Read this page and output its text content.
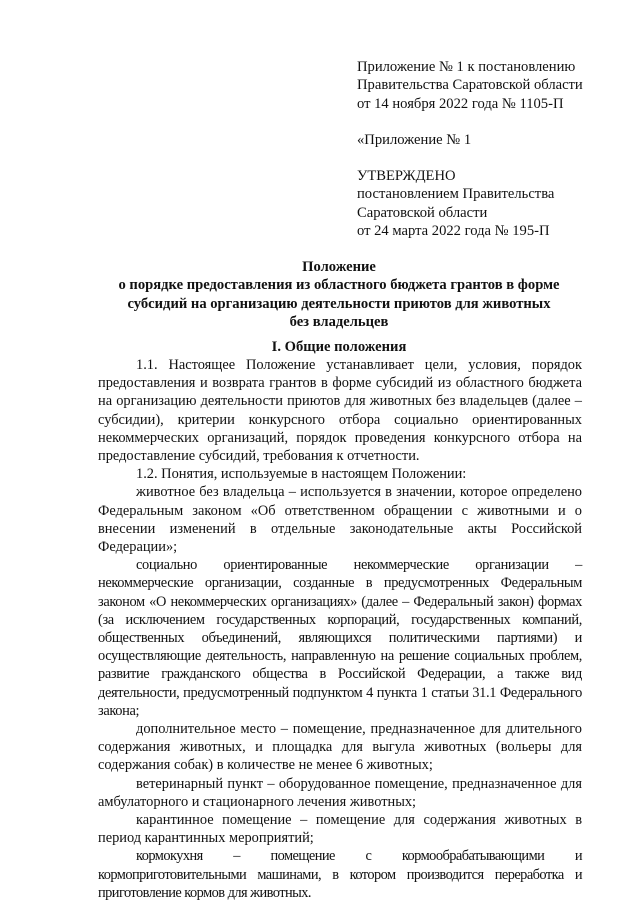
Приложение № 1 к постановлению
Правительства Саратовской области
от 14 ноября 2022 года № 1105-П
«Приложение № 1
УТВЕРЖДЕНО
постановлением Правительства
Саратовской области
от 24 марта 2022 года № 195-П
Положение
о порядке предоставления из областного бюджета грантов в форме
субсидий на организацию деятельности приютов для животных
без владельцев
I. Общие положения

1.1. Настоящее Положение устанавливает цели, условия, порядок предоставления и возврата грантов в форме субсидий из областного бюджета на организацию деятельности приютов для животных без владельцев (далее – субсидии), критерии конкурсного отбора социально ориентированных некоммерческих организаций, порядок проведения конкурсного отбора на предоставление субсидий, требования к отчетности.

1.2. Понятия, используемые в настоящем Положении:

животное без владельца – используется в значении, которое определено Федеральным законом «Об ответственном обращении с животными и о внесении изменений в отдельные законодательные акты Российской Федерации»;

социально ориентированные некоммерческие организации – некоммерческие организации, созданные в предусмотренных Федеральным законом «О некоммерческих организациях» (далее – Федеральный закон) формах (за исключением государственных корпораций, государственных компаний, общественных объединений, являющихся политическими партиями) и осуществляющие деятельность, направленную на решение социальных проблем, развитие гражданского общества в Российской Федерации, а также вид деятельности, предусмотренный подпунктом 4 пункта 1 статьи 31.1 Федерального закона;

дополнительное место – помещение, предназначенное для длительного содержания животных, и площадка для выгула животных (вольеры для содержания собак) в количестве не менее 6 животных;

ветеринарный пункт – оборудованное помещение, предназначенное для амбулаторного и стационарного лечения животных;

карантинное помещение – помещение для содержания животных в период карантинных мероприятий;

кормокухня – помещение с кормообрабатывающими и кормоприготовительными машинами, в котором производится переработка и приготовление кормов для животных.
